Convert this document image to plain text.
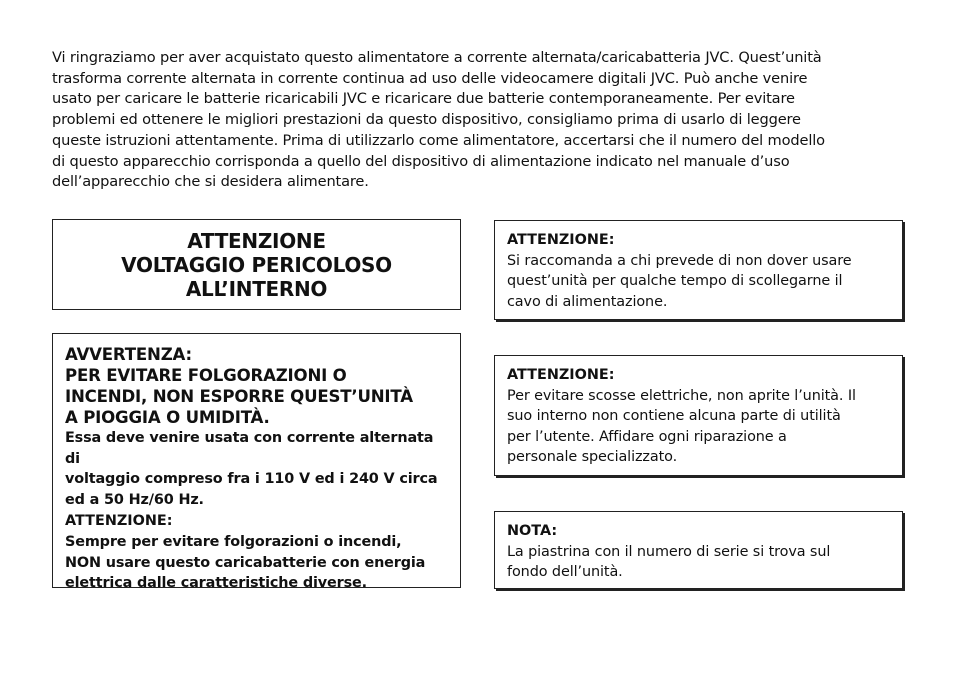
Vi ringraziamo per aver acquistato questo alimentatore a corrente alternata/caricabatteria JVC. Quest’unità
trasforma corrente alternata in corrente continua ad uso delle videocamere digitali JVC. Può anche venire
usato per caricare le batterie ricaricabili JVC e ricaricare due batterie contemporaneamente. Per evitare
problemi ed ottenere le migliori prestazioni da questo dispositivo, consigliamo prima di usarlo di leggere
queste istruzioni attentamente. Prima di utilizzarlo come alimentatore, accertarsi che il numero del modello
di questo apparecchio corrisponda a quello del dispositivo di alimentazione indicato nel manuale d’uso
dell’apparecchio che si desidera alimentare.

ATTENZIONE
VOLTAGGIO PERICOLOSO
ALL’INTERNO
AVVERTENZA:
PER EVITARE FOLGORAZIONI O
INCENDI, NON ESPORRE QUEST’UNITÀ
A PIOGGIA O UMIDITÀ.
Essa deve venire usata con corrente alternata di
voltaggio compreso fra i 110 V ed i 240 V circa
ed a 50 Hz/60 Hz.
ATTENZIONE:
Sempre per evitare folgorazioni o incendi,
NON usare questo caricabatterie con energia
elettrica dalle caratteristiche diverse.
ATTENZIONE:
Si raccomanda a chi prevede di non dover usare
quest’unità per qualche tempo di scollegarne il
cavo di alimentazione.
ATTENZIONE:
Per evitare scosse elettriche, non aprite l’unità. Il
suo interno non contiene alcuna parte di utilità
per l’utente. Affidare ogni riparazione a
personale specializzato.
NOTA:
La piastrina con il numero di serie si trova sul
fondo dell’unità.
